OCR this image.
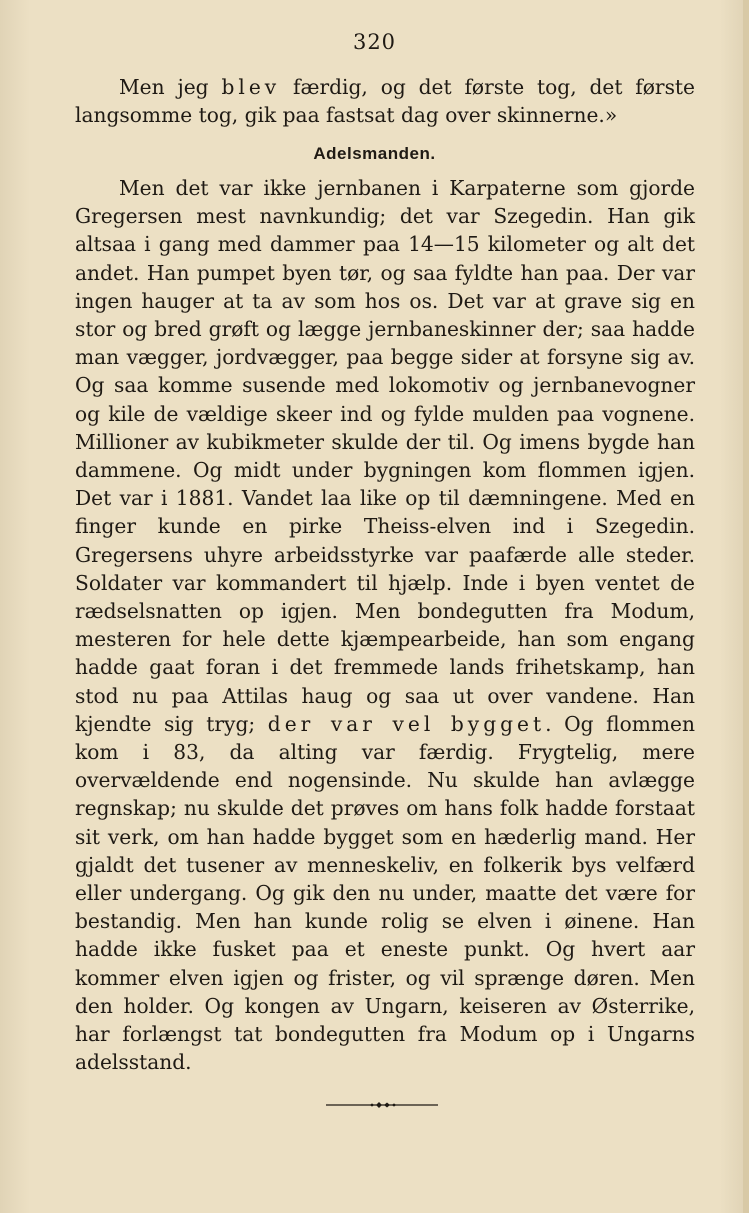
320

Men jeg blev færdig, og det første tog, det første langsomme tog, gik paa fastsat dag over skinnerne.»

Adelsmanden.

Men det var ikke jernbanen i Karpaterne som gjorde Gregersen mest navnkundig; det var Szegedin. Han gik altsaa i gang med dammer paa 14—15 kilometer og alt det andet. Han pumpet byen tør, og saa fyldte han paa. Der var ingen hauger at ta av som hos os. Det var at grave sig en stor og bred grøft og lægge jernbaneskinner der; saa hadde man vægger, jordvægger, paa begge sider at forsyne sig av. Og saa komme susende med lokomotiv og jernbanevogner og kile de vældige skeer ind og fylde mulden paa vognene. Millioner av kubikmeter skulde der til. Og imens bygde han dammene. Og midt under bygningen kom flommen igjen. Det var i 1881. Vandet laa like op til dæmningene. Med en finger kunde en pirke Theiss-elven ind i Szegedin. Gregersens uhyre arbeidsstyrke var paafærde alle steder. Soldater var kommandert til hjælp. Inde i byen ventet de rædselsnatten op igjen. Men bondegutten fra Modum, mesteren for hele dette kjæmpearbeide, han som engang hadde gaat foran i det fremmede lands frihetskamp, han stod nu paa Attilas haug og saa ut over vandene. Han kjendte sig tryg; der var vel bygget. Og flommen kom i 83, da alting var færdig. Frygtelig, mere overvældende end nogensinde. Nu skulde han avlægge regnskap; nu skulde det prøves om hans folk hadde forstaat sit verk, om han hadde bygget som en hæderlig mand. Her gjaldt det tusener av menneskeliv, en folkerik bys velfærd eller undergang. Og gik den nu under, maatte det være for bestandig. Men han kunde rolig se elven i øinene. Han hadde ikke fusket paa et eneste punkt. Og hvert aar kommer elven igjen og frister, og vil sprænge døren. Men den holder. Og kongen av Ungarn, keiseren av Østerrike, har forlængst tat bondegutten fra Modum op i Ungarns adelsstand.
